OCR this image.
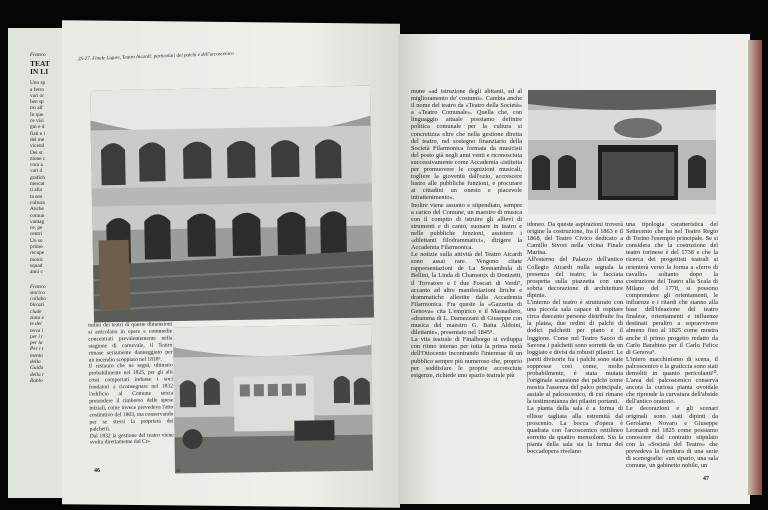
Franco
TEAT
IN LI
Uno sp
a ferro
vari or
ben sp
tro all'
In que
ce visi
gni e d
fiati e i
del me
vicend
Dei st
zione c
cora a
vari d
grafich
mercat
ti alla
ta sen
cultura
Anche
comun
vantag
ce, pe
centri
Un so
primo
recupe
monic
squad
anni c
Franco
storico
collabo
blicazi
clude
ziata e
te del
nova i
per i t
per la
Per i t
mento
della
Guida
della r
Rablo
25-27. Finale Ligure, Teatro Aicardi: particolari dei palchi e dell'arcoscenico
26

tudini dei teatri di queste dimensioni si articolano in opere e commedie concentrati prevalentemente nella stagione di carnevale, il Teatro rimase seriamente danneggiato per un incendio scoppiato nel 1818⁶.

Il restauro che ne seguì, ultimato probabilmente nel 1825, per gli alti costi comportati indusse i soci fondatori a riconsegnare nel 1832 l'edificio al Comune senza pretendere il rimborso delle spese iniziali, come invece prevedeva l'atto costitutivo del 1803, ma conservando per se stessi la proprietà dei palchetti.

Dal 1832 la gestione del teatro viene svolta direttamente dal Co-

46

mune «ad istruzione degli abitanti, ed al miglioramento de' costumi». Cambia anche il nome del teatro da «Teatro della Società» a «Teatro Comunale». Quella che, con linguaggio attuale possiamo definire politica comunale per la cultura si concretizza oltre che nella gestione diretta del teatro, nel sostegno finanziario della Società Filarmonica formata da musicisti del posto già negli anni venti e riconosciuta successivamente come Accademia «istituita per promuovere le cognizioni musicali, togliere la gioventù dall'ozio, accrescere lustro alle pubbliche funzioni, e procurare ai cittadini un onesto e piacevole intrattenimento».

Inoltre viene assunto e stipendiato, sempre a carico del Comune, un maestro di musica con il compito di istruire gli allievi di strumenti e di canto, suonare in teatro e nelle pubbliche funzioni, assistere i «dilettanti filodrammatici», dirigere la Accademia Filarmonica.

Le notizie sulla attività del Teatro Aicardi sono assai rare. Vengono citate rappresentazioni de La Sonnambula di Bellini, la Linda di Chamonix di Donizetti, il Trovatore e I due Foscari di Verdi⁷, accanto ad altre manifestazioni liriche e drammatiche allestite dalla Accademia Filarmonica. Fra queste la «Gazzetta di Genova» cita L'empirico e il Masnadiero, «dramma di L. Damezzani di Giuseppe con musica del maestro G. Batta Aldoini, dilettante», presentato nel 1845⁸.

La vita teatrale di Finalborgo si sviluppa con ritmo intenso per tutta la prima metà dell'Ottocento incontrando l'interesse di un pubblico sempre più numeroso che, proprio per soddisfare le proprie accresciute esigenze, richiede uno spazio teatrale più

idoneo. Da queste aspirazioni troverà origine la costruzione, fra il 1863 e il 1868, del Teatro Civico dedicato a Camillo Sivori nella vicina Finale Marina.

All'esterno del Palazzo dell'antico Collegio Aicardi nulla segnala la presenza del teatro; la facciata prospetta sulla piazzetta con una sobria decorazione di architetture dipinte.

L'interno del teatro è strutturato con una piccola sala capace di ospitare circa duecento persone distribuite fra la platea, due ordini di palchi di dodici palchetti per piano e il loggione. Come nel Teatro Sacco di Savona i palchetti sono sorretti da un loggiato e divisi da robusti pilastri. Le pareti divisorie fra i palchi sono state soppresse così come, molto probabilmente, è stata mutata l'originale scansione dei palchi come mostra l'assenza del palco principale, assiale al palcoscenico, di cui rimane la testimonianza dei pilastri portanti.

La pianta della sala è a forma di ellisse tagliata alla estremità dal proscenio. La bocca d'opera è quadrata con l'arcoscenico rettilineo sorretto da quattro mensoloni. Sia la pianta della sala sia la forma del boccadopera rivelano

una tipologia caratteristica del Settecento che ha nel Teatro Regio di Torino l'esempio principale. Se si considera che la costruzione del teatro torinese è del 1738 e che la ricerca dei progettisti teatrali si orienterà verso la forma a «ferro di cavallo» soltanto dopo la costruzione del Teatro alla Scala di Milano del 1778, si possono comprendere gli orientamenti, le influenze e i ritardi che stanno alla base dell'ideazione del teatro finalese, orientamenti e influenze destinati peraltro a sopravvivere almeno fino al 1825 come mostra anche il primo progetto redatto da Carlo Barabino per il Carlo Felice di Genova⁹.

L'intero macchinismo di scena, il palcoscenico e la graticcia sono stati demoliti in quanto pericolanti¹⁰. L'area del palcoscenico conserva ancora la curiosa pianta ovoidale che riprende la curvatura dell'abside dell'antico oratorio.

Le decorazioni e gli scenari originali sono stati dipinti da Gerolamo Novaro e Giuseppe Leonardi nel 1825 come possiamo conoscere dal contratto stipulato con la «Società del Teatro» che prevedeva la fornitura di una serie di scenografie: «un sipario, una sala comune, un gabinetto nobile, un

47
